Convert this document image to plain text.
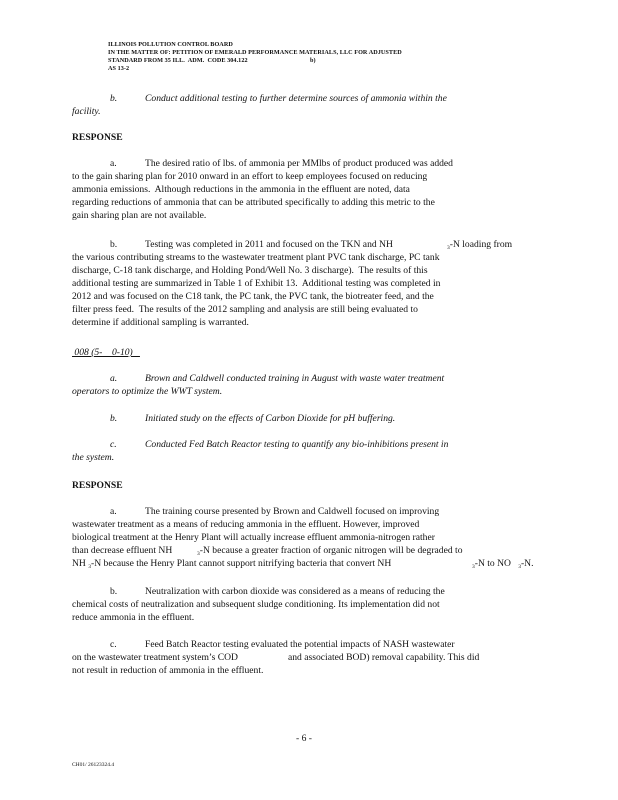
ILLINOIS POLLUTION CONTROL BOARD
IN THE MATTER OF: PETITION OF EMERALD PERFORMANCE MATERIALS, LLC FOR ADJUSTED
STANDARD FROM 35 ILL.  ADM.  CODE 304.122	b)
AS 13-2
b.	Conduct additional testing to further determine sources of ammonia within the
facility.
RESPONSE
a.	The desired ratio of lbs. of ammonia per MMlbs of product produced was added
to the gain sharing plan for 2010 onward in an effort to keep employees focused on reducing
ammonia emissions.  Although reductions in the ammonia in the effluent are noted, data
regarding reductions of ammonia that can be attributed specifically to adding this metric to the
gain sharing plan are not available.
b.	Testing was completed in 2011 and focused on the TKN and NH	$_3$-N loading from
the various contributing streams to the wastewater treatment plant PVC tank discharge, PC tank
discharge, C-18 tank discharge, and Holding Pond/Well No. 3 discharge).  The results of this
additional testing are summarized in Table 1 of Exhibit 13.  Additional testing was completed in
2012 and was focused on the C18 tank, the PC tank, the PVC tank, the biotreater feed, and the
filter press feed.  The results of the 2012 sampling and analysis are still being evaluated to
determine if additional sampling is warranted.
008 (5-    0-10)
a.	Brown and Caldwell conducted training in August with waste water treatment
operators to optimize the WWT system.
b.	Initiated study on the effects of Carbon Dioxide for pH buffering.
c.	Conducted Fed Batch Reactor testing to quantify any bio-inhibitions present in
the system.
RESPONSE
a.	The training course presented by Brown and Caldwell focused on improving
wastewater treatment as a means of reducing ammonia in the effluent. However, improved
biological treatment at the Henry Plant will actually increase effluent ammonia-nitrogen rather
than decrease effluent NH	$_3$-N because a greater fraction of organic nitrogen will be degraded to
NH $_3$-N because the Henry Plant cannot support nitrifying bacteria that convert NH	$_3$-N to NO $_3$-N.
b.	Neutralization with carbon dioxide was considered as a means of reducing the
chemical costs of neutralization and subsequent sludge conditioning. Its implementation did not
reduce ammonia in the effluent.
c.	Feed Batch Reactor testing evaluated the potential impacts of NASH wastewater
on the wastewater treatment system’s COD	and associated BOD) removal capability. This did
not result in reduction of ammonia in the effluent.
- 6 -
CH01/ 26123324.4
